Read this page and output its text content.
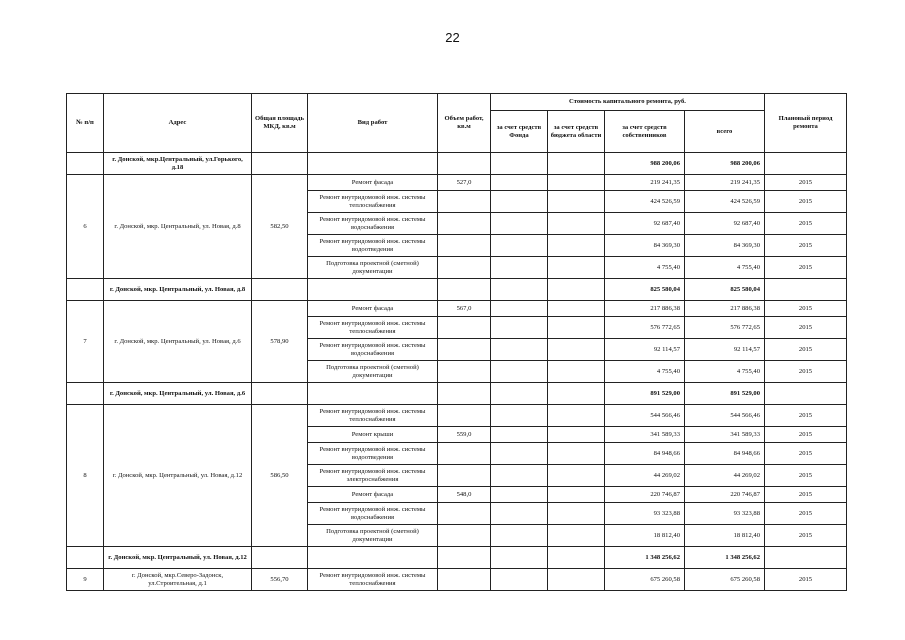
22
№ п/п	Адрес	Общая площадь МКД, кв.м	Вид работ	Объем работ, кв.м	Стоимость капитального ремонта, руб.				Плановый период ремонта
					за счет средств Фонда	за счет средств бюджета области	за счет средств собственников	всего	
	г. Донской, мкр.Центральный, ул.Горького, д.18						988 200,06	988 200,06	
6	г. Донской, мкр. Центральный, ул. Новая, д.8	582,50	Ремонт фасада	527,0			219 241,35	219 241,35	2015
			Ремонт внутридомовой инж. системы теплоснабжения				424 526,59	424 526,59	2015
			Ремонт внутридомовой инж. системы водоснабжения				92 687,40	92 687,40	2015
			Ремонт внутридомовой инж. системы водоотведения				84 369,30	84 369,30	2015
			Подготовка проектной (сметной) документации				4 755,40	4 755,40	2015
	г. Донской, мкр. Центральный, ул. Новая, д.8						825 580,04	825 580,04	
7	г. Донской, мкр. Центральный, ул. Новая, д.6	578,90	Ремонт фасада	567,0			217 886,38	217 886,38	2015
			Ремонт внутридомовой инж. системы теплоснабжения				576 772,65	576 772,65	2015
			Ремонт внутридомовой инж. системы водоснабжения				92 114,57	92 114,57	2015
			Подготовка проектной (сметной) документации				4 755,40	4 755,40	2015
	г. Донской, мкр. Центральный, ул. Новая, д.6						891 529,00	891 529,00	
8	г. Донской, мкр. Центральный, ул. Новая, д.12	586,50	Ремонт внутридомовой инж. системы теплоснабжения				544 566,46	544 566,46	2015
			Ремонт крыши	559,0			341 589,33	341 589,33	2015
			Ремонт внутридомовой инж. системы водоотведения				84 948,66	84 948,66	2015
			Ремонт внутридомовой инж. системы электроснабжения				44 269,02	44 269,02	2015
			Ремонт фасада	548,0			220 746,87	220 746,87	2015
			Ремонт внутридомовой инж. системы водоснабжения				93 323,88	93 323,88	2015
			Подготовка проектной (сметной) документации				18 812,40	18 812,40	2015
	г. Донской, мкр. Центральный, ул. Новая, д.12						1 348 256,62	1 348 256,62	
9	г. Донской, мкр.Северо-Задонск, ул.Строительная, д.1	556,70	Ремонт внутридомовой инж. системы теплоснабжения				675 260,58	675 260,58	2015
